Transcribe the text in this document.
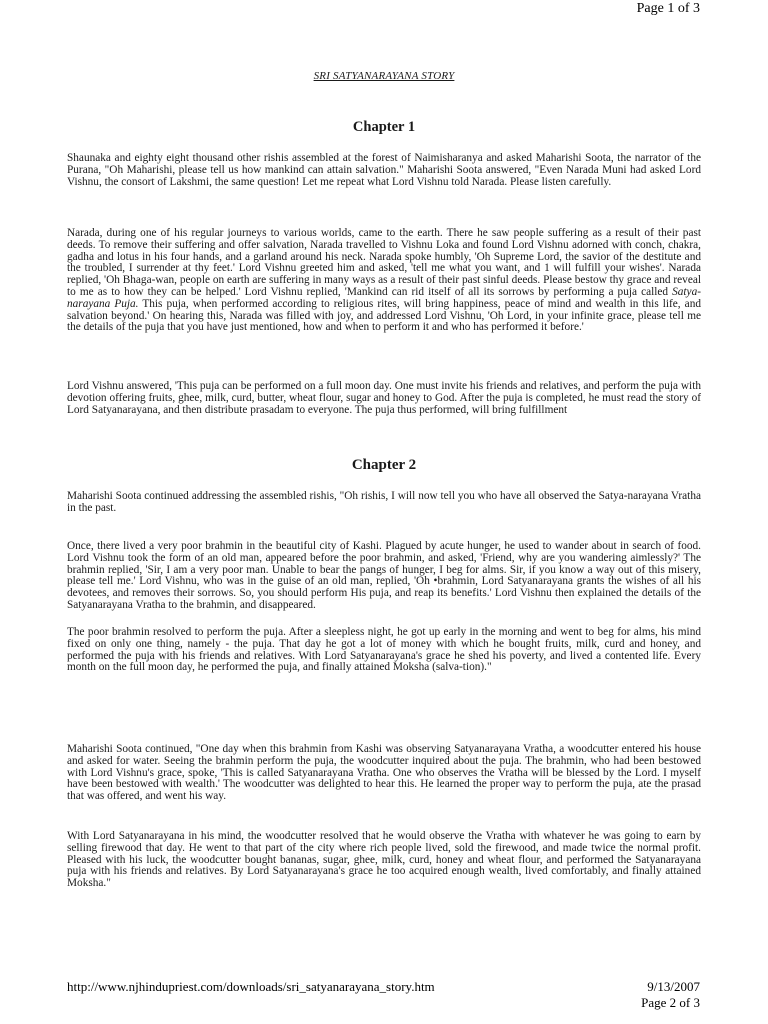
Page 1 of 3
SRI SATYANARAYANA STORY
Chapter 1

Shaunaka and eighty eight thousand other rishis assembled at the forest of Naimisharanya and asked Maharishi Soota, the narrator of the Purana, "Oh Maharishi, please tell us how mankind can attain salvation." Maharishi Soota answered, "Even Narada Muni had asked Lord Vishnu, the consort of Lakshmi, the same question! Let me repeat what Lord Vishnu told Narada. Please listen carefully.

Narada, during one of his regular journeys to various worlds, came to the earth. There he saw people suffering as a result of their past deeds. To remove their suffering and offer salvation, Narada travelled to Vishnu Loka and found Lord Vishnu adorned with conch, chakra, gadha and lotus in his four hands, and a garland around his neck. Narada spoke humbly, 'Oh Supreme Lord, the savior of the destitute and the troubled, I surrender at thy feet.' Lord Vishnu greeted him and asked, 'tell me what you want, and 1 will fulfill your wishes'. Narada replied, 'Oh Bhaga-wan, people on earth are suffering in many ways as a result of their past sinful deeds. Please bestow thy grace and reveal to me as to how they can be helped.' Lord Vishnu replied, 'Mankind can rid itself of all its sorrows by performing a puja called Satya-narayana Puja. This puja, when performed according to religious rites, will bring happiness, peace of mind and wealth in this life, and salvation beyond.' On hearing this, Narada was filled with joy, and addressed Lord Vishnu, 'Oh Lord, in your infinite grace, please tell me the details of the puja that you have just mentioned, how and when to perform it and who has performed it before.'

Lord Vishnu answered, 'This puja can be performed on a full moon day. One must invite his friends and relatives, and perform the puja with devotion offering fruits, ghee, milk, curd, butter, wheat flour, sugar and honey to God. After the puja is completed, he must read the story of Lord Satyanarayana, and then distribute prasadam to everyone. The puja thus performed, will bring fulfillment

Chapter 2

Maharishi Soota continued addressing the assembled rishis, "Oh rishis, I will now tell you who have all observed the Satya-narayana Vratha in the past.

Once, there lived a very poor brahmin in the beautiful city of Kashi. Plagued by acute hunger, he used to wander about in search of food. Lord Vishnu took the form of an old man, appeared before the poor brahmin, and asked, 'Friend, why are you wandering aimlessly?' The brahmin replied, 'Sir, I am a very poor man. Unable to bear the pangs of hunger, I beg for alms. Sir, if you know a way out of this misery, please tell me.' Lord Vishnu, who was in the guise of an old man, replied, 'Oh •brahmin, Lord Satyanarayana grants the wishes of all his devotees, and removes their sorrows. So, you should perform His puja, and reap its benefits.' Lord Vishnu then explained the details of the Satyanarayana Vratha to the brahmin, and disappeared.

The poor brahmin resolved to perform the puja. After a sleepless night, he got up early in the morning and went to beg for alms, his mind fixed on only one thing, namely - the puja. That day he got a lot of money with which he bought fruits, milk, curd and honey, and performed the puja with his friends and relatives. With Lord Satyanarayana's grace he shed his poverty, and lived a contented life. Every month on the full moon day, he performed the puja, and finally attained Moksha (salva-tion)."

Maharishi Soota continued, "One day when this brahmin from Kashi was observing Satyanarayana Vratha, a woodcutter entered his house and asked for water. Seeing the brahmin perform the puja, the woodcutter inquired about the puja. The brahmin, who had been bestowed with Lord Vishnu's grace, spoke, 'This is called Satyanarayana Vratha. One who observes the Vratha will be blessed by the Lord. I myself have been bestowed with wealth.' The woodcutter was delighted to hear this. He learned the proper way to perform the puja, ate the prasad that was offered, and went his way.

With Lord Satyanarayana in his mind, the woodcutter resolved that he would observe the Vratha with whatever he was going to earn by selling firewood that day. He went to that part of the city where rich people lived, sold the firewood, and made twice the normal profit. Pleased with his luck, the woodcutter bought bananas, sugar, ghee, milk, curd, honey and wheat flour, and performed the Satyanarayana puja with his friends and relatives. By Lord Satyanarayana's grace he too acquired enough wealth, lived comfortably, and finally attained Moksha."

http://www.njhindupriest.com/downloads/sri_satyanarayana_story.htm	9/13/2007
Page 2 of 3
